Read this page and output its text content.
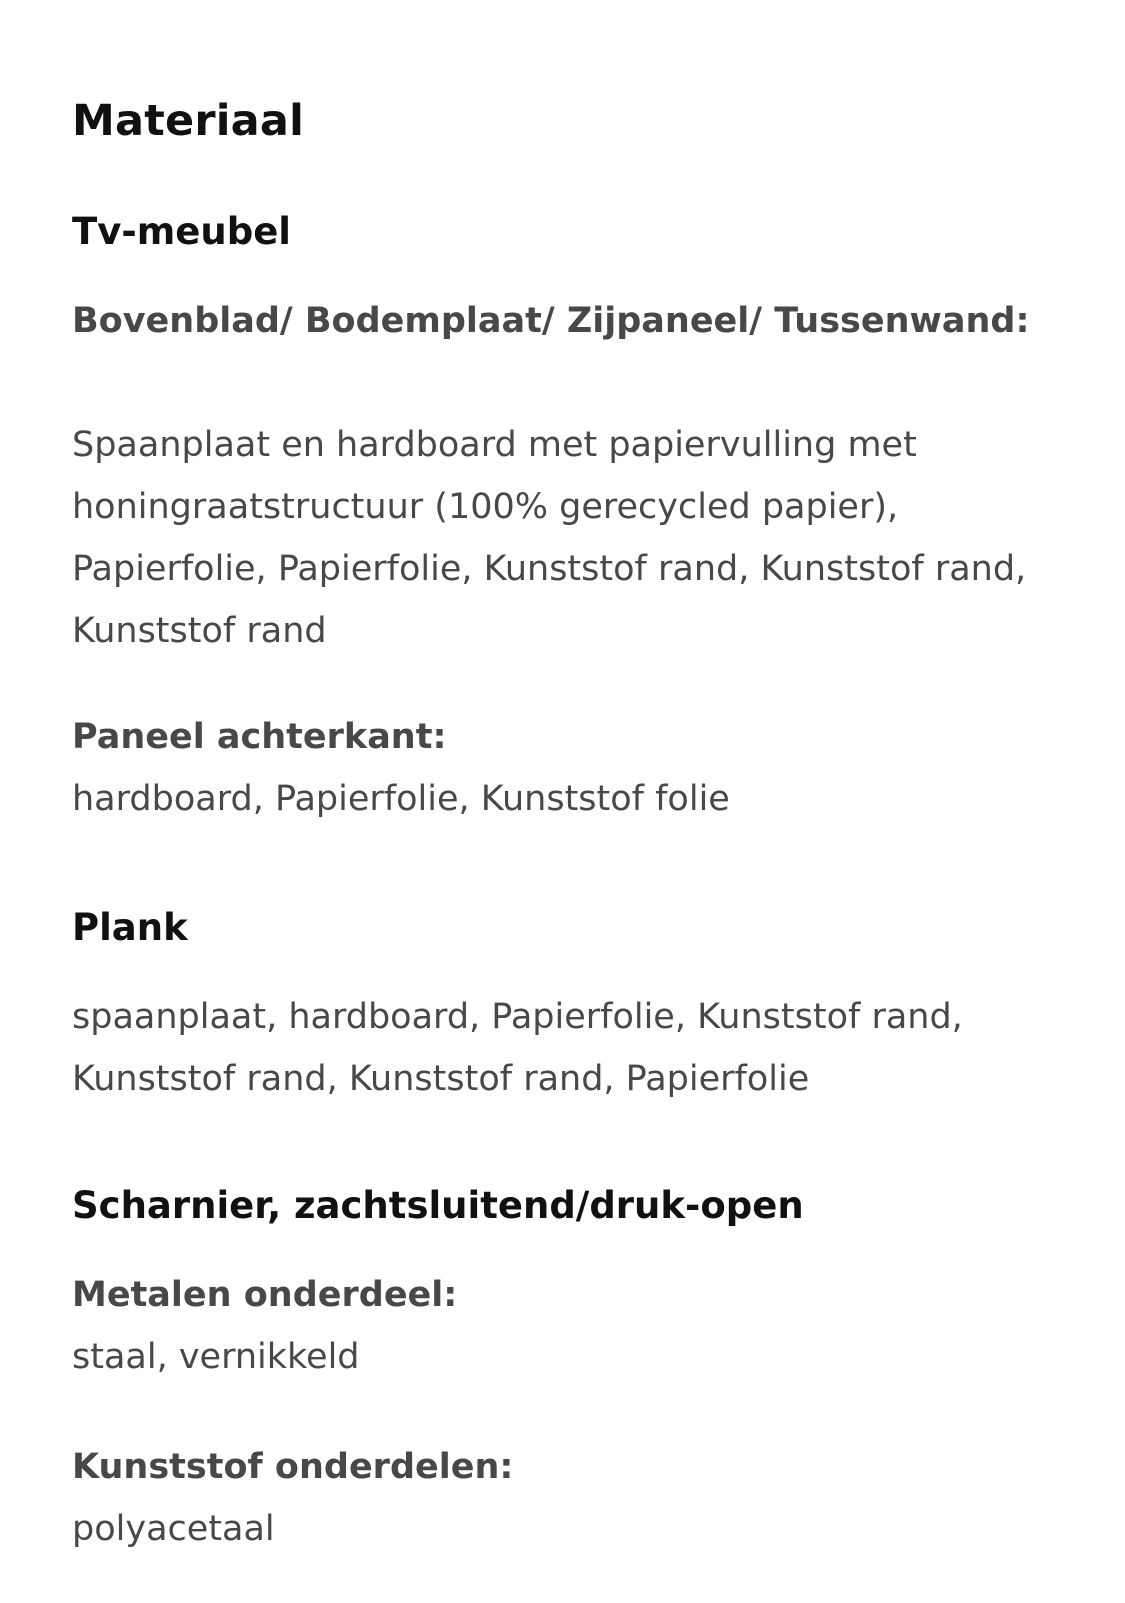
Materiaal
Tv-meubel
Bovenblad/ Bodemplaat/ Zijpaneel/ Tussenwand:
Spaanplaat en hardboard met papiervulling met honingraatstructuur (100% gerecycled papier), Papierfolie, Papierfolie, Kunststof rand, Kunststof rand, Kunststof rand
Paneel achterkant:
hardboard, Papierfolie, Kunststof folie
Plank
spaanplaat, hardboard, Papierfolie, Kunststof rand, Kunststof rand, Kunststof rand, Papierfolie
Scharnier, zachtsluitend/druk-open
Metalen onderdeel:
staal, vernikkeld
Kunststof onderdelen:
polyacetaal
